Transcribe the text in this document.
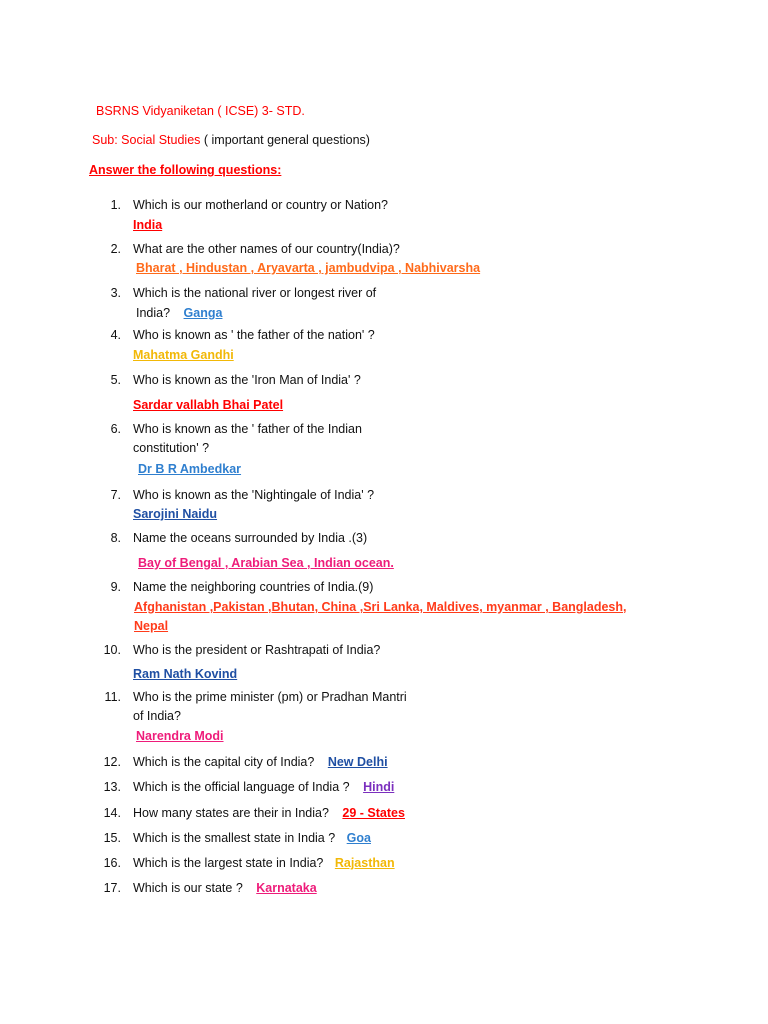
BSRNS Vidyaniketan ( ICSE) 3- STD.
Sub: Social Studies ( important general questions)
Answer the following questions:
1. Which is our motherland or country or Nation?
India
2. What are the other names of our country(India)?
Bharat , Hindustan , Aryavarta , jambudvipa , Nabhivarsha
3. Which is the national river or longest river of
India? Ganga
4. Who is known as ' the father of the nation' ?
Mahatma Gandhi
5. Who is known as the 'Iron Man of India' ?
Sardar vallabh Bhai Patel
6. Who is known as the ' father of the Indian
constitution' ?
Dr B R Ambedkar
7. Who is known as the 'Nightingale of India' ?
Sarojini Naidu
8. Name the oceans surrounded by India .(3)
Bay of Bengal , Arabian Sea , Indian ocean.
9. Name the neighboring countries of India.(9)
Afghanistan ,Pakistan ,Bhutan, China ,Sri Lanka, Maldives, myanmar , Bangladesh,
Nepal
10. Who is the president or Rashtrapati of India?
Ram Nath Kovind
11. Who is the prime minister (pm) or Pradhan Mantri
of India?
Narendra Modi
12. Which is the capital city of India? New Delhi
13. Which is the official language of India ? Hindi
14. How many states are their in India? 29 - States
15. Which is the smallest state in India ? Goa
16. Which is the largest state in India? Rajasthan
17. Which is our state ? Karnataka
